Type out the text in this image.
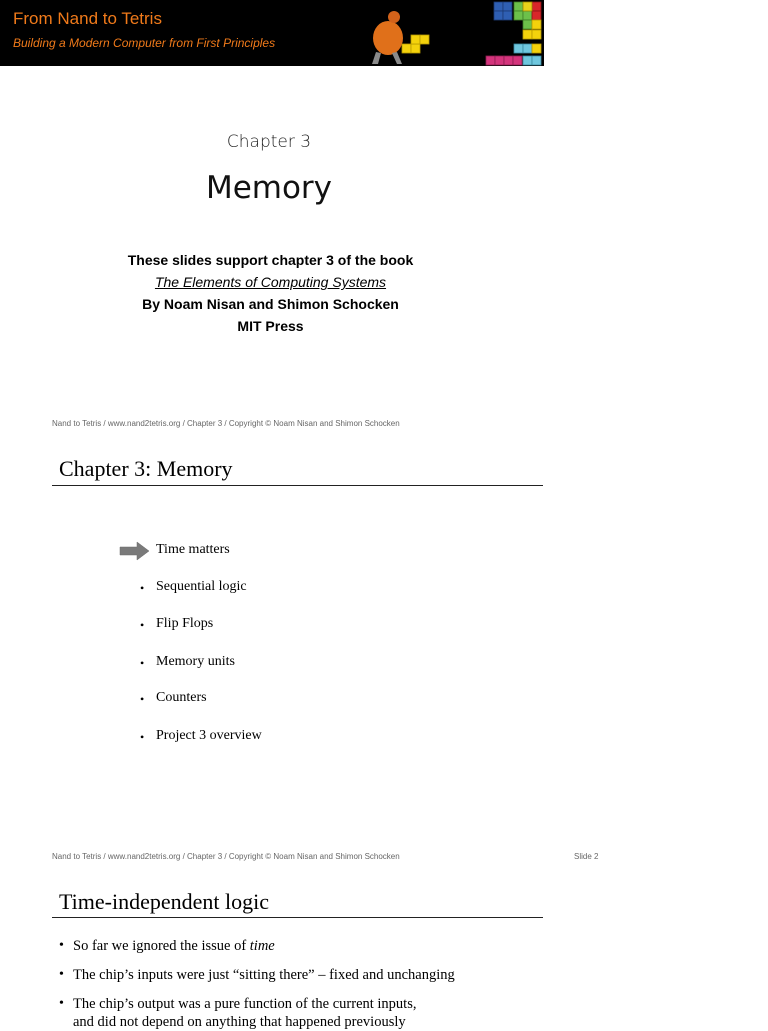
From Nand to Tetris
Building a Modern Computer from First Principles
Chapter 3
Memory
These slides support chapter 3 of the book
The Elements of Computing Systems
By Noam Nisan and Shimon Schocken
MIT Press
Nand to Tetris / www.nand2tetris.org / Chapter 3 / Copyright © Noam Nisan and Shimon Schocken
Chapter 3: Memory
Time matters
• Sequential logic
• Flip Flops
• Memory units
• Counters
• Project 3 overview
Nand to Tetris / www.nand2tetris.org / Chapter 3 / Copyright © Noam Nisan and Shimon Schocken	Slide 2
Time-independent logic
• So far we ignored the issue of time
• The chip’s inputs were just “sitting there” – fixed and unchanging
• The chip’s output was a pure function of the current inputs,
and did not depend on anything that happened previously
